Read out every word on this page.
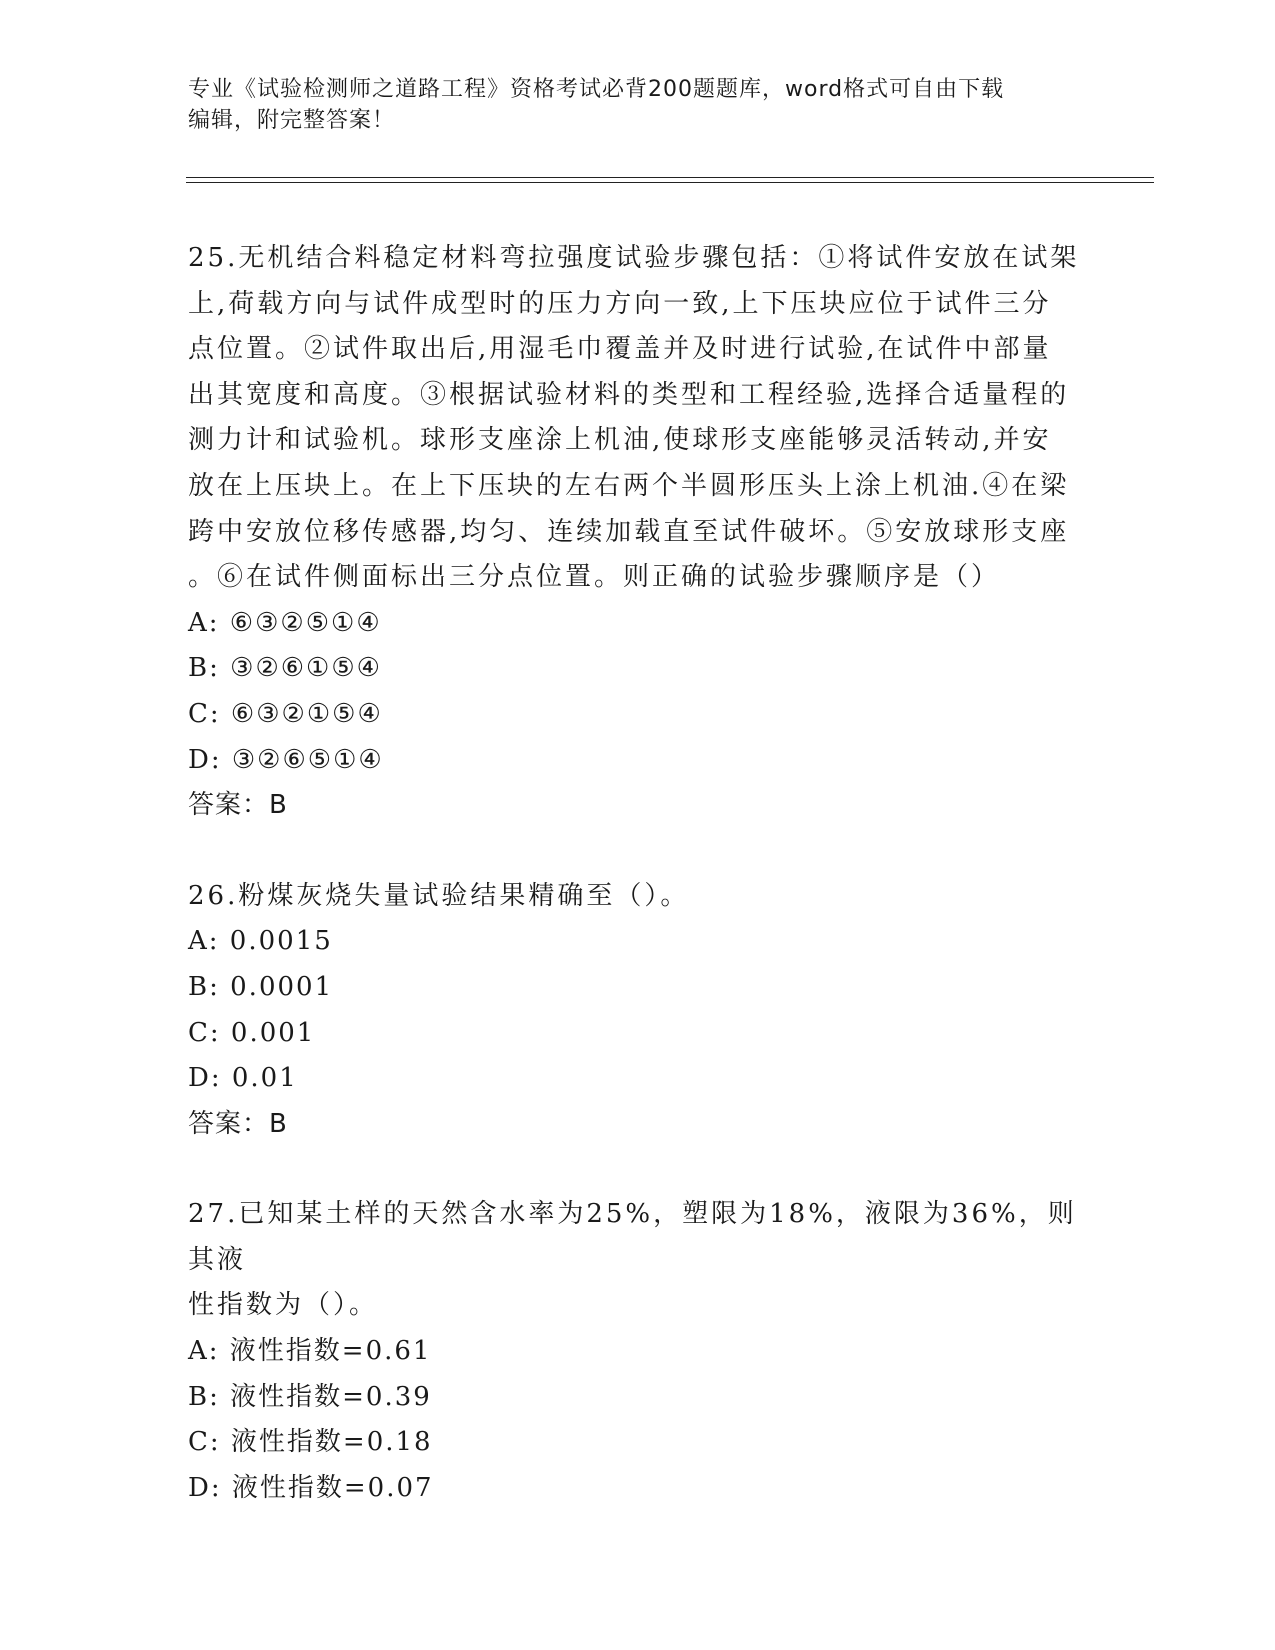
专业《试验检测师之道路工程》资格考试必背200题题库，word格式可自由下载
编辑，附完整答案！
25.无机结合料稳定材料弯拉强度试验步骤包括：①将试件安放在试架
上,荷载方向与试件成型时的压力方向一致,上下压块应位于试件三分
点位置。②试件取出后,用湿毛巾覆盖并及时进行试验,在试件中部量
出其宽度和高度。③根据试验材料的类型和工程经验,选择合适量程的
测力计和试验机。球形支座涂上机油,使球形支座能够灵活转动,并安
放在上压块上。在上下压块的左右两个半圆形压头上涂上机油.④在梁
跨中安放位移传感器,均匀、连续加载直至试件破坏。⑤安放球形支座
。⑥在试件侧面标出三分点位置。则正确的试验步骤顺序是（）
A: ⑥③②⑤①④
B: ③②⑥①⑤④
C: ⑥③②①⑤④
D: ③②⑥⑤①④
答案：B
26.粉煤灰烧失量试验结果精确至（）。
A: 0.0015
B: 0.0001
C: 0.001
D: 0.01
答案：B
27.已知某土样的天然含水率为25%，塑限为18%，液限为36%，则其液
性指数为（）。
A: 液性指数=0.61
B: 液性指数=0.39
C: 液性指数=0.18
D: 液性指数=0.07
